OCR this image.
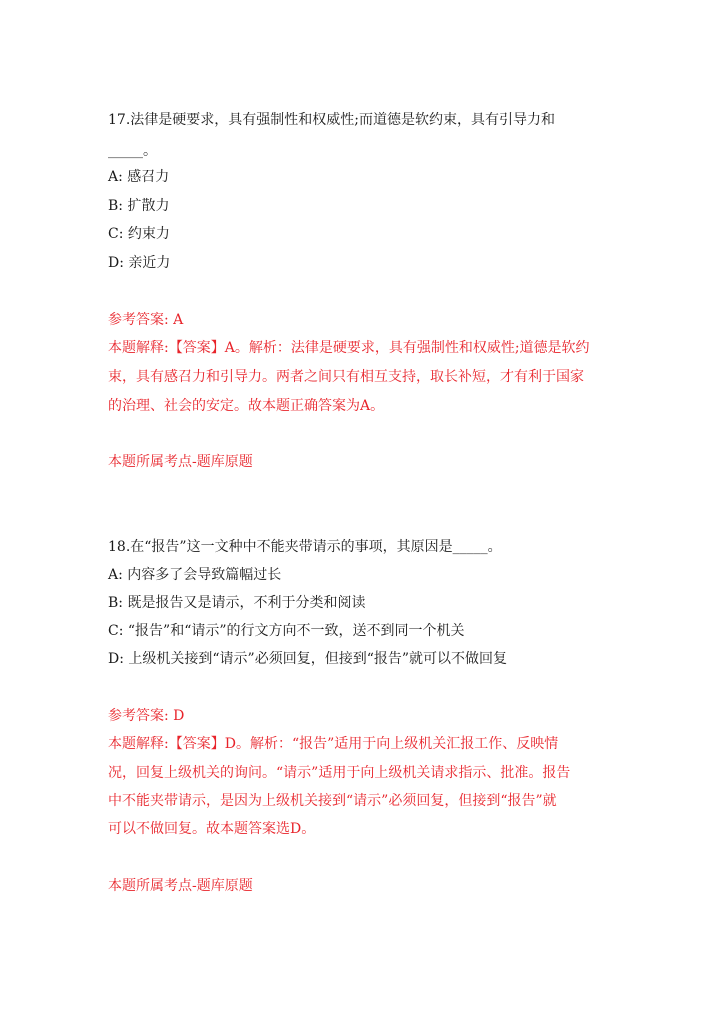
17.法律是硬要求，具有强制性和权威性;而道德是软约束，具有引导力和
_____。
A: 感召力
B: 扩散力
C: 约束力
D: 亲近力
参考答案: A
本题解释:【答案】A。解析：法律是硬要求，具有强制性和权威性;道德是软约
束，具有感召力和引导力。两者之间只有相互支持，取长补短，才有利于国家
的治理、社会的安定。故本题正确答案为A。
本题所属考点-题库原题
18.在“报告”这一文种中不能夹带请示的事项，其原因是_____。
A: 内容多了会导致篇幅过长
B: 既是报告又是请示，不利于分类和阅读
C: “报告”和“请示”的行文方向不一致，送不到同一个机关
D: 上级机关接到“请示”必须回复，但接到“报告”就可以不做回复
参考答案: D
本题解释:【答案】D。解析：“报告”适用于向上级机关汇报工作、反映情
况，回复上级机关的询问。“请示”适用于向上级机关请求指示、批准。报告
中不能夹带请示，是因为上级机关接到“请示”必须回复，但接到“报告”就
可以不做回复。故本题答案选D。
本题所属考点-题库原题
